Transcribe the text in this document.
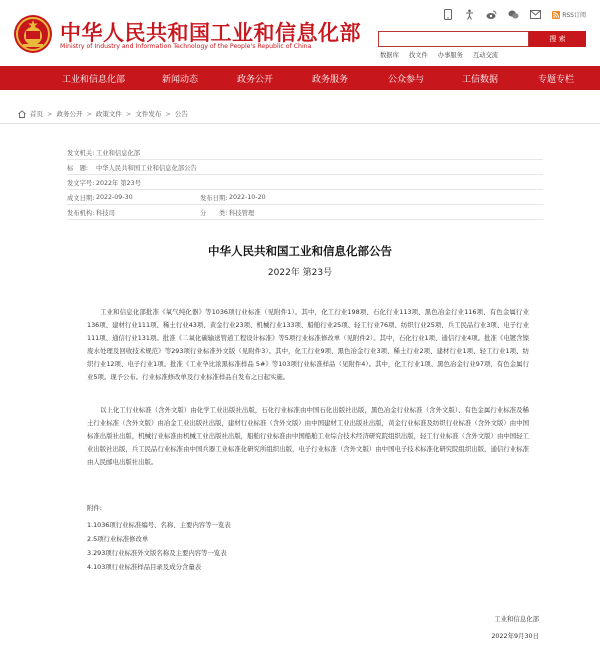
中华人民共和国工业和信息化部
Ministry of Industry and Information Technology of the People's Republic of China
RSS订阅
搜 索
数据库 找文件 办事服务 互动交流
工业和信息化部	新闻动态	政务公开	政务服务	公众参与	工信数据	专题专栏
首页 > 政务公开 > 政策文件 > 文件发布 > 公告
发文机关: 工业和信息化部
标　题:	中华人民共和国工业和信息化部公告
发文字号: 2022年 第23号
成文日期: 2022-09-30	发布日期: 2022-10-20
发布机构: 科技司	分　　类: 科技管理
中华人民共和国工业和信息化部公告
2022年 第23号

工业和信息化部批准《氧气纯化器》等1036项行业标准（见附件1）。其中，化工行业198项、石化行业113项、黑色冶金行业116项、有色金属行业136项、建材行业111项、稀土行业43项、黄金行业23项、机械行业133项、船舶行业25项、轻工行业76项、纺织行业25项、兵工民品行业3项、电子行业111项、通信行业131项。批准《二氧化碳输送管道工程设计标准》等5项行业标准修改单（见附件2）。其中，石化行业1项、通信行业4项。批准《电镀含镍废水处理及回收技术规范》等293项行业标准外文版（见附件3）。其中，化工行业9项、黑色冶金行业3项、稀土行业2项、建材行业1项、轻工行业1项、纺织行业12项、电子行业1项。批准《工业孕比浓黑标准样品 5#》等103项行业标准样品（见附件4）。其中，化工行业1项、黑色冶金行业97项、有色金属行业5项。现予公布。行业标准修改单及行业标准样品自发布之日起实施。

以上化工行业标准（含外文版）由化学工业出版社出版，石化行业标准由中国石化出版社出版，黑色冶金行业标准（含外文版）、有色金属行业标准及稀土行业标准（含外文版）由冶金工业出版社出版，建材行业标准（含外文版）由中国建材工业出版社出版，黄金行业标准及纺织行业标准（含外文版）由中国标准出版社出版，机械行业标准由机械工业出版社出版，船舶行业标准由中国船舶工业综合技术经济研究院组织出版，轻工行业标准（含外文版）由中国轻工业出版社出版，兵工民品行业标准由中国兵器工业标准化研究所组织出版，电子行业标准（含外文版）由中国电子技术标准化研究院组织出版，通信行业标准由人民邮电出版社出版。

附件:
1.1036项行业标准编号、名称、主要内容等一览表
2.5项行业标准修改单
3.293项行业标准外文版名称及主要内容等一览表
4.103项行业标准样品目录及成分含量表
工业和信息化部
2022年9月30日
